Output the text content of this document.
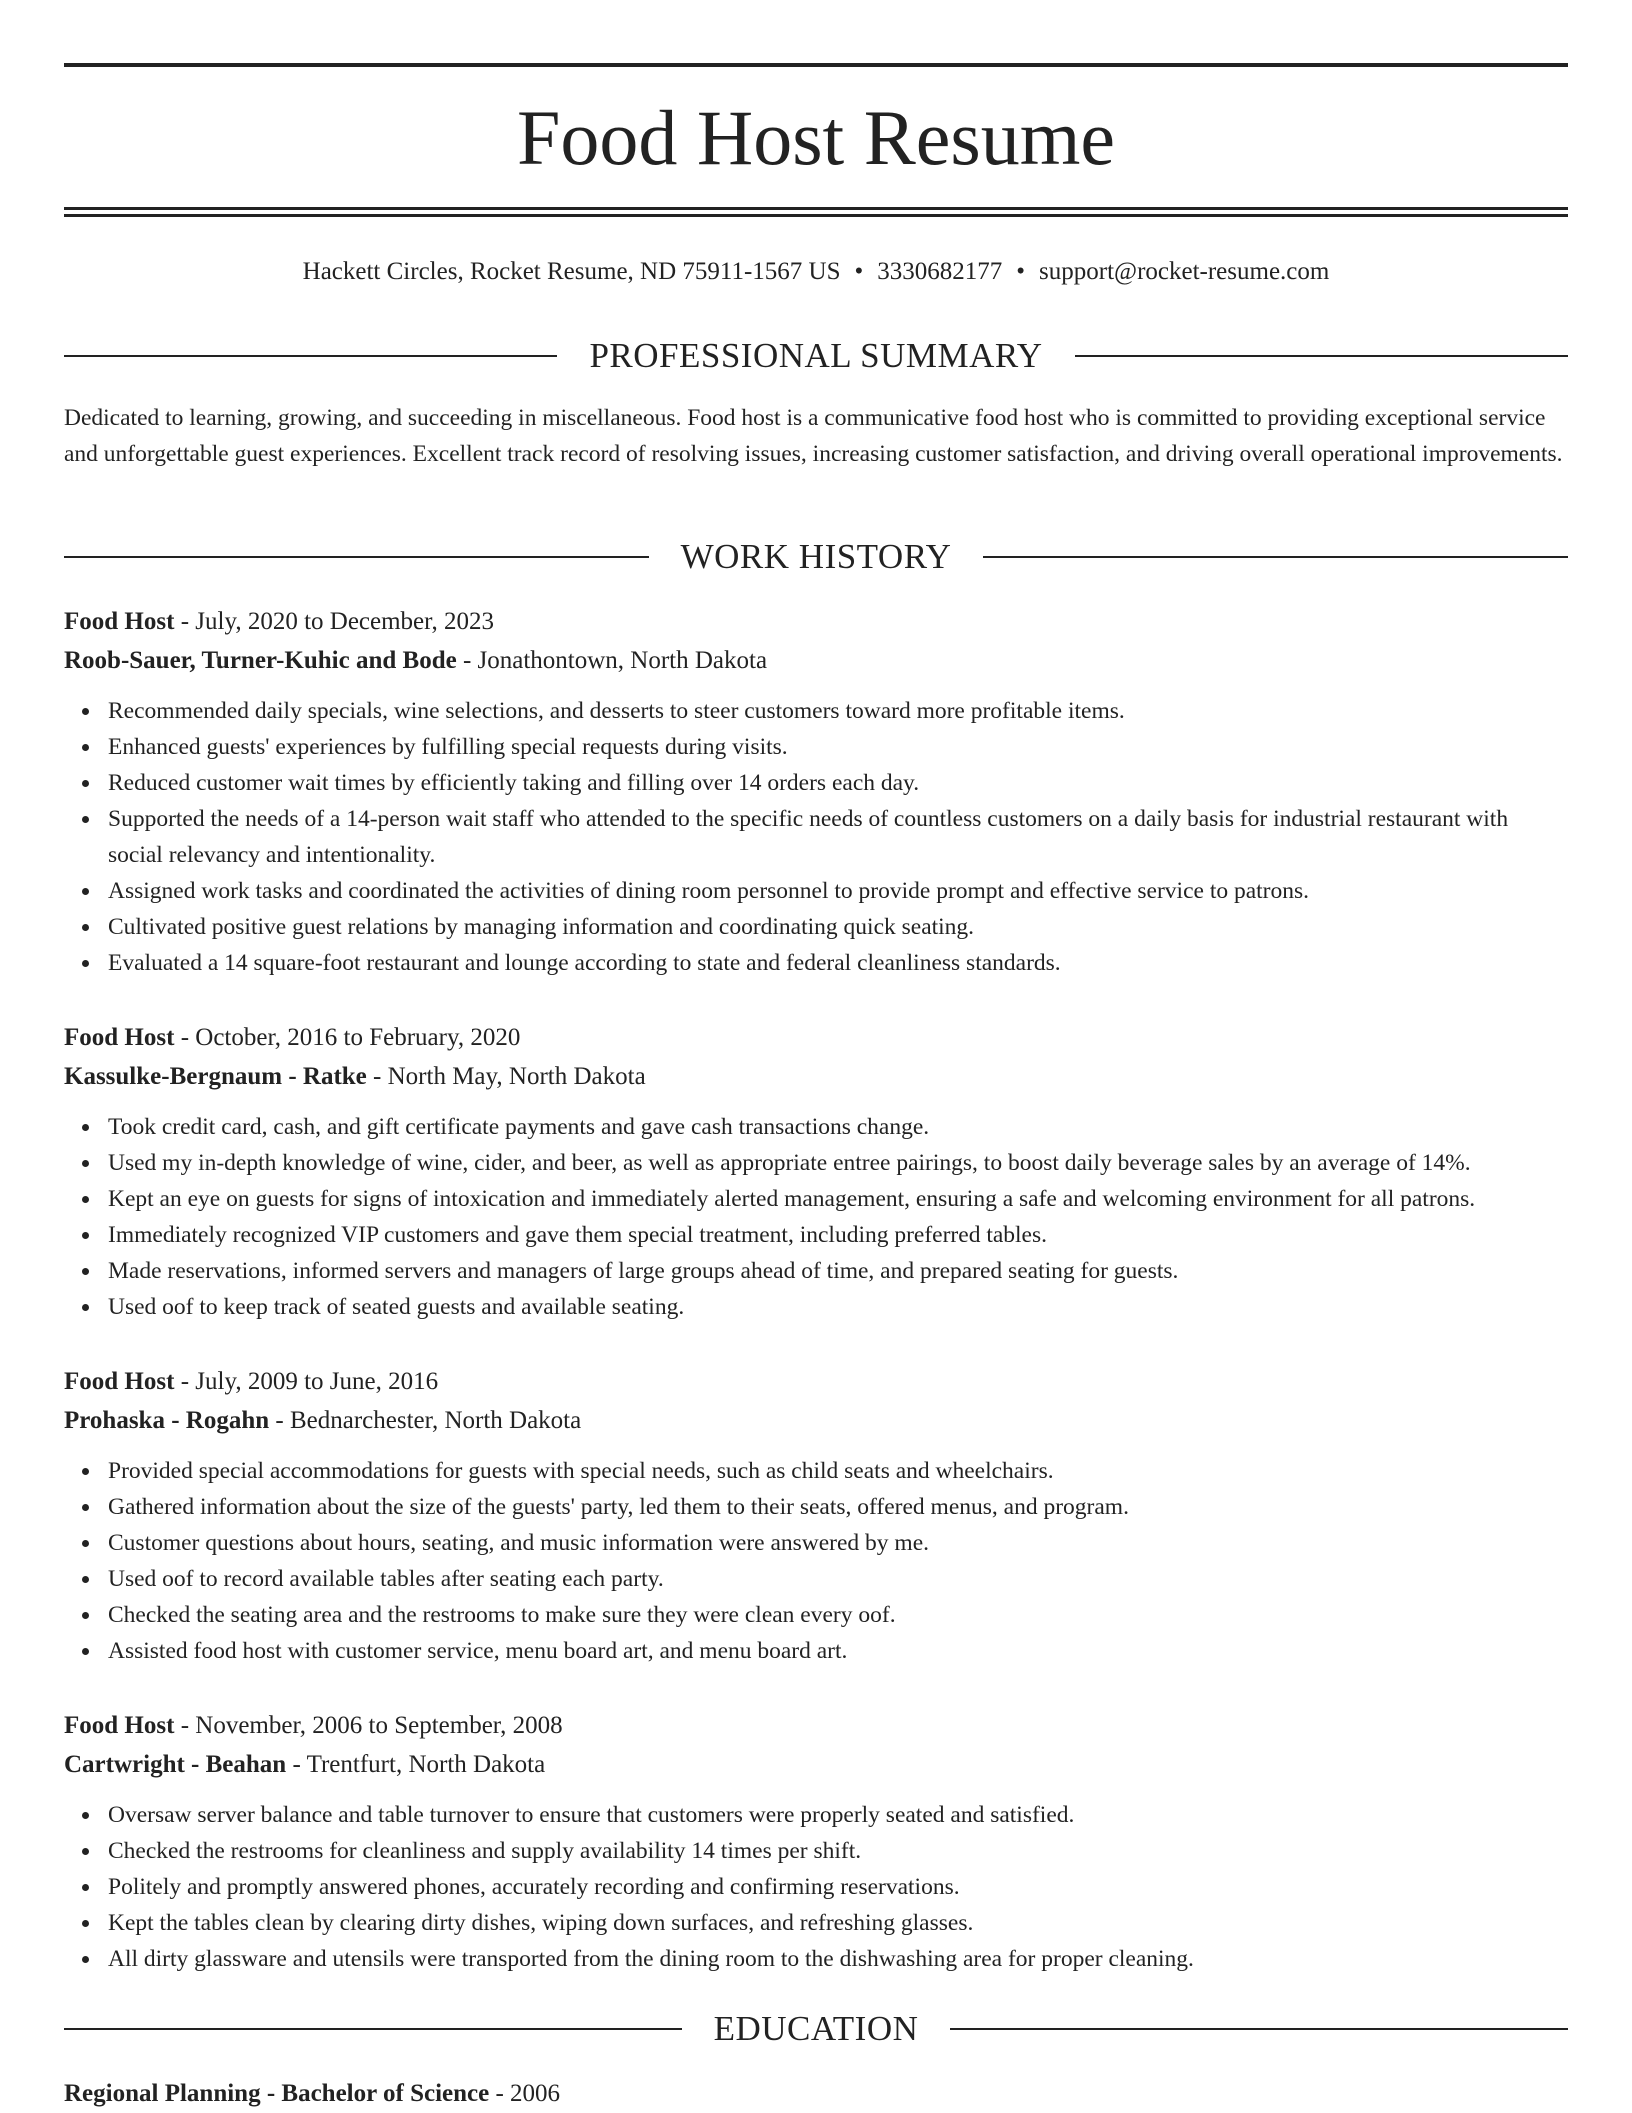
Food Host Resume
Hackett Circles, Rocket Resume, ND 75911-1567 US • 3330682177 • support@rocket-resume.com
PROFESSIONAL SUMMARY

Dedicated to learning, growing, and succeeding in miscellaneous. Food host is a communicative food host who is committed to providing exceptional service and unforgettable guest experiences. Excellent track record of resolving issues, increasing customer satisfaction, and driving overall operational improvements.

WORK HISTORY
Food Host - July, 2020 to December, 2023
Roob-Sauer, Turner-Kuhic and Bode - Jonathontown, North Dakota
Recommended daily specials, wine selections, and desserts to steer customers toward more profitable items.
Enhanced guests' experiences by fulfilling special requests during visits.
Reduced customer wait times by efficiently taking and filling over 14 orders each day.
Supported the needs of a 14-person wait staff who attended to the specific needs of countless customers on a daily basis for industrial restaurant with social relevancy and intentionality.
Assigned work tasks and coordinated the activities of dining room personnel to provide prompt and effective service to patrons.
Cultivated positive guest relations by managing information and coordinating quick seating.
Evaluated a 14 square-foot restaurant and lounge according to state and federal cleanliness standards.
Food Host - October, 2016 to February, 2020
Kassulke-Bergnaum - Ratke - North May, North Dakota
Took credit card, cash, and gift certificate payments and gave cash transactions change.
Used my in-depth knowledge of wine, cider, and beer, as well as appropriate entree pairings, to boost daily beverage sales by an average of 14%.
Kept an eye on guests for signs of intoxication and immediately alerted management, ensuring a safe and welcoming environment for all patrons.
Immediately recognized VIP customers and gave them special treatment, including preferred tables.
Made reservations, informed servers and managers of large groups ahead of time, and prepared seating for guests.
Used oof to keep track of seated guests and available seating.
Food Host - July, 2009 to June, 2016
Prohaska - Rogahn - Bednarchester, North Dakota
Provided special accommodations for guests with special needs, such as child seats and wheelchairs.
Gathered information about the size of the guests' party, led them to their seats, offered menus, and program.
Customer questions about hours, seating, and music information were answered by me.
Used oof to record available tables after seating each party.
Checked the seating area and the restrooms to make sure they were clean every oof.
Assisted food host with customer service, menu board art, and menu board art.
Food Host - November, 2006 to September, 2008
Cartwright - Beahan - Trentfurt, North Dakota
Oversaw server balance and table turnover to ensure that customers were properly seated and satisfied.
Checked the restrooms for cleanliness and supply availability 14 times per shift.
Politely and promptly answered phones, accurately recording and confirming reservations.
Kept the tables clean by clearing dirty dishes, wiping down surfaces, and refreshing glasses.
All dirty glassware and utensils were transported from the dining room to the dishwashing area for proper cleaning.
EDUCATION
Regional Planning - Bachelor of Science - 2006
